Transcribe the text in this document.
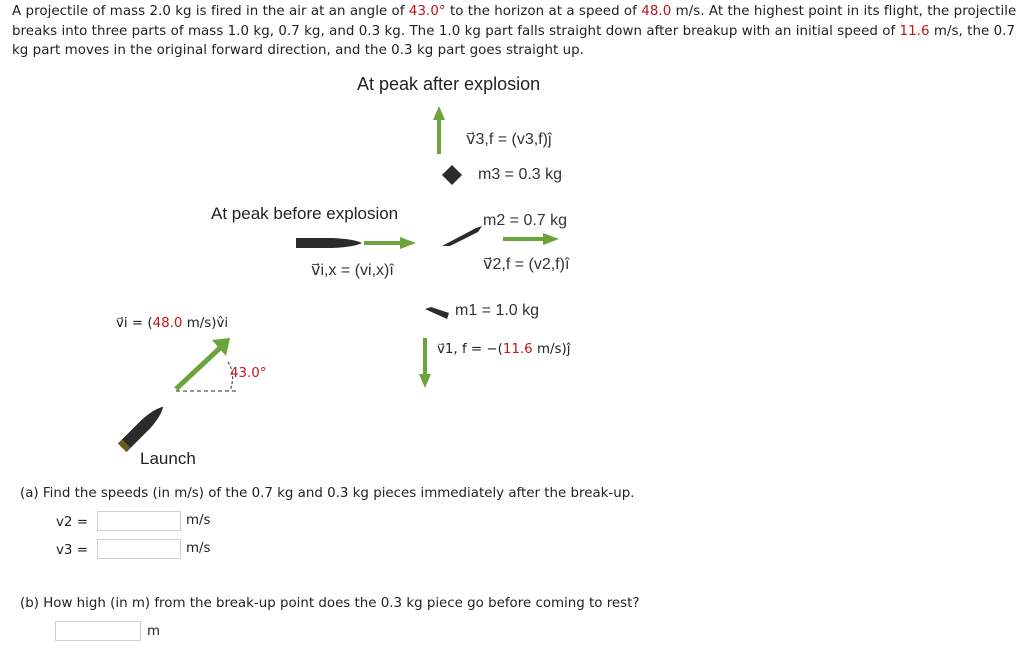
A projectile of mass 2.0 kg is fired in the air at an angle of 43.0° to the horizon at a speed of 48.0 m/s. At the highest point in its flight, the projectile breaks into three parts of mass 1.0 kg, 0.7 kg, and 0.3 kg. The 1.0 kg part falls straight down after breakup with an initial speed of 11.6 m/s, the 0.7 kg part moves in the original forward direction, and the 0.3 kg part goes straight up.
At peak after explosion
At peak before explosion
Launch
v⃗3,f = (v3,f)ĵ
m3 = 0.3 kg
m2 = 0.7 kg
v⃗2,f = (v2,f)î
v⃗i,x = (vi,x)î
m1 = 1.0 kg
v⃗1, f = −(11.6 m/s)ĵ
v⃗i = (48.0 m/s)v̂i
43.0°
(a) Find the speeds (in m/s) of the 0.7 kg and 0.3 kg pieces immediately after the break-up.
v2 =	m/s
v3 =	m/s
(b) How high (in m) from the break-up point does the 0.3 kg piece go before coming to rest?
m
